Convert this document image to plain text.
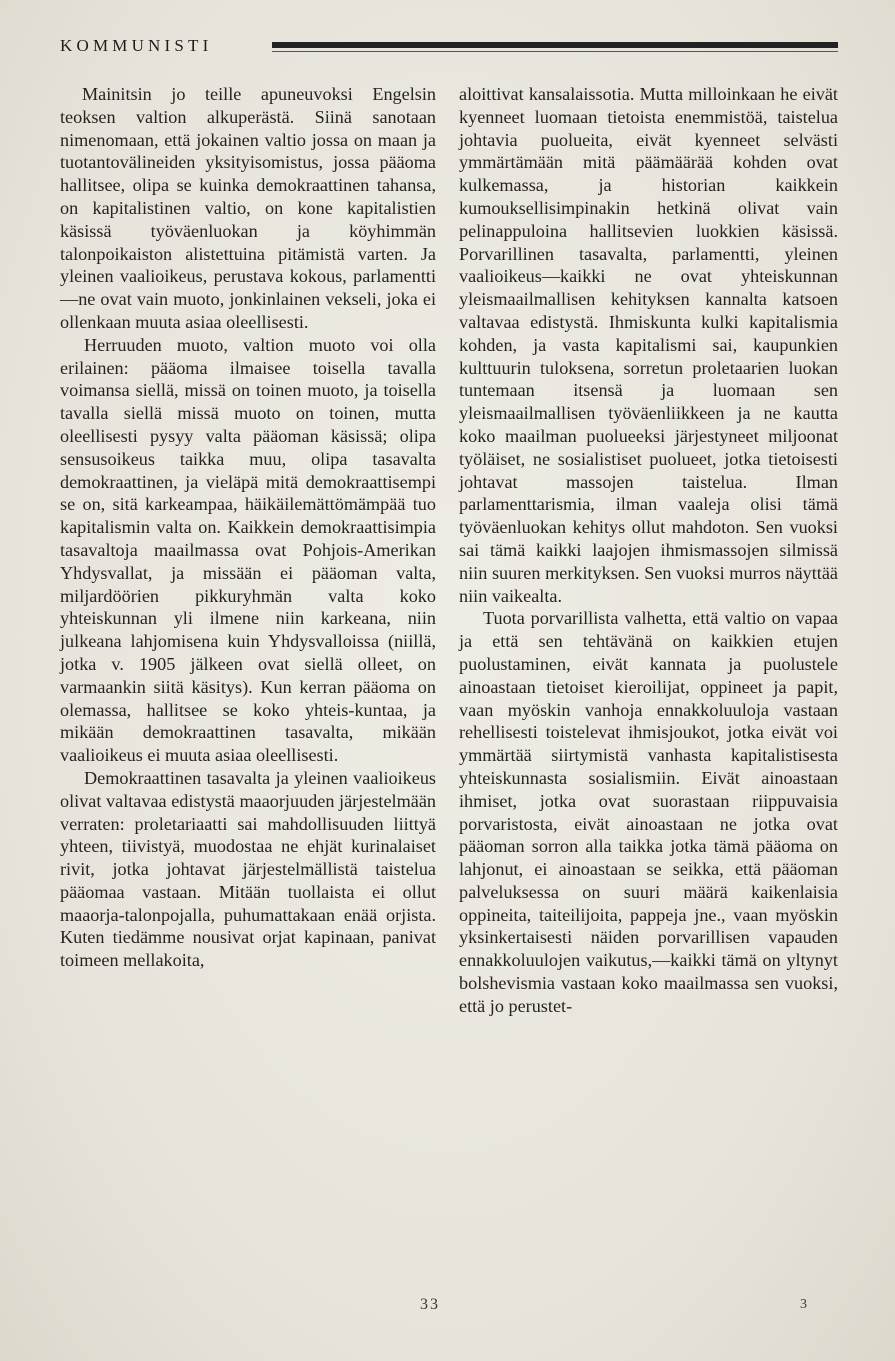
KOMMUNISTI

Mainitsin jo teille apuneuvoksi Engelsin teoksen valtion alkuperästä. Siinä sanotaan nimenomaan, että jokainen valtio jossa on maan ja tuotantovälineiden yksityisomistus, jossa pääoma hallitsee, olipa se kuinka demokraattinen tahansa, on kapitalistinen valtio, on kone kapitalistien käsissä työväenluokan ja köyhimmän talonpoikaiston alistettuina pitämistä varten. Ja yleinen vaalioikeus, perustava kokous, parlamentti—ne ovat vain muoto, jonkinlainen vekseli, joka ei ollenkaan muuta asiaa oleellisesti.

Herruuden muoto, valtion muoto voi olla erilainen: pääoma ilmaisee toisella tavalla voimansa siellä, missä on toinen muoto, ja toisella tavalla siellä missä muoto on toinen, mutta oleellisesti pysyy valta pääoman käsissä; olipa sensusoikeus taikka muu, olipa tasavalta demokraattinen, ja vieläpä mitä demokraattisempi se on, sitä karkeampaa, häikäilemättömämpää tuo kapitalismin valta on. Kaikkein demokraattisimpia tasavaltoja maailmassa ovat Pohjois-Amerikan Yhdysvallat, ja missään ei pääoman valta, miljardöörien pikkuryhmän valta koko yhteiskunnan yli ilmene niin karkeana, niin julkeana lahjomisena kuin Yhdysvalloissa (niillä, jotka v. 1905 jälkeen ovat siellä olleet, on varmaankin siitä käsitys). Kun kerran pääoma on olemassa, hallitsee se koko yhteis-kuntaa, ja mikään demokraattinen tasavalta, mikään vaalioikeus ei muuta asiaa oleellisesti.

Demokraattinen tasavalta ja yleinen vaalioikeus olivat valtavaa edistystä maaorjuuden järjestelmään verraten: proletariaatti sai mahdollisuuden liittyä yhteen, tiivistyä, muodostaa ne ehjät kurinalaiset rivit, jotka johtavat järjestelmällistä taistelua pääomaa vastaan. Mitään tuollaista ei ollut maaorja-talonpojalla, puhumattakaan enää orjista. Kuten tiedämme nousivat orjat kapinaan, panivat toimeen mellakoita,

aloittivat kansalaissotia. Mutta milloinkaan he eivät kyenneet luomaan tietoista enemmistöä, taistelua johtavia puolueita, eivät kyenneet selvästi ymmärtämään mitä päämäärää kohden ovat kulkemassa, ja historian kaikkein kumouksellisimpinakin hetkinä olivat vain pelinappuloina hallitsevien luokkien käsissä. Porvarillinen tasavalta, parlamentti, yleinen vaalioikeus—kaikki ne ovat yhteiskunnan yleismaailmallisen kehityksen kannalta katsoen valtavaa edistystä. Ihmiskunta kulki kapitalismia kohden, ja vasta kapitalismi sai, kaupunkien kulttuurin tuloksena, sorretun proletaarien luokan tuntemaan itsensä ja luomaan sen yleismaailmallisen työväenliikkeen ja ne kautta koko maailman puolueeksi järjestyneet miljoonat työläiset, ne sosialistiset puolueet, jotka tietoisesti johtavat massojen taistelua. Ilman parlamenttarismia, ilman vaaleja olisi tämä työväenluokan kehitys ollut mahdoton. Sen vuoksi sai tämä kaikki laajojen ihmismassojen silmissä niin suuren merkityksen. Sen vuoksi murros näyttää niin vaikealta.

Tuota porvarillista valhetta, että valtio on vapaa ja että sen tehtävänä on kaikkien etujen puolustaminen, eivät kannata ja puolustele ainoastaan tietoiset kieroilijat, oppineet ja papit, vaan myöskin vanhoja ennakkoluuloja vastaan rehellisesti toistelevat ihmisjoukot, jotka eivät voi ymmärtää siirtymistä vanhasta kapitalistisesta yhteiskunnasta sosialismiin. Eivät ainoastaan ihmiset, jotka ovat suorastaan riippuvaisia porvaristosta, eivät ainoastaan ne jotka ovat pääoman sorron alla taikka jotka tämä pääoma on lahjonut, ei ainoastaan se seikka, että pääoman palveluksessa on suuri määrä kaikenlaisia oppineita, taiteilijoita, pappeja jne., vaan myöskin yksinkertaisesti näiden porvarillisen vapauden ennakkoluulojen vaikutus,—kaikki tämä on yltynyt bolshevismia vastaan koko maailmassa sen vuoksi, että jo perustet-

33	3
